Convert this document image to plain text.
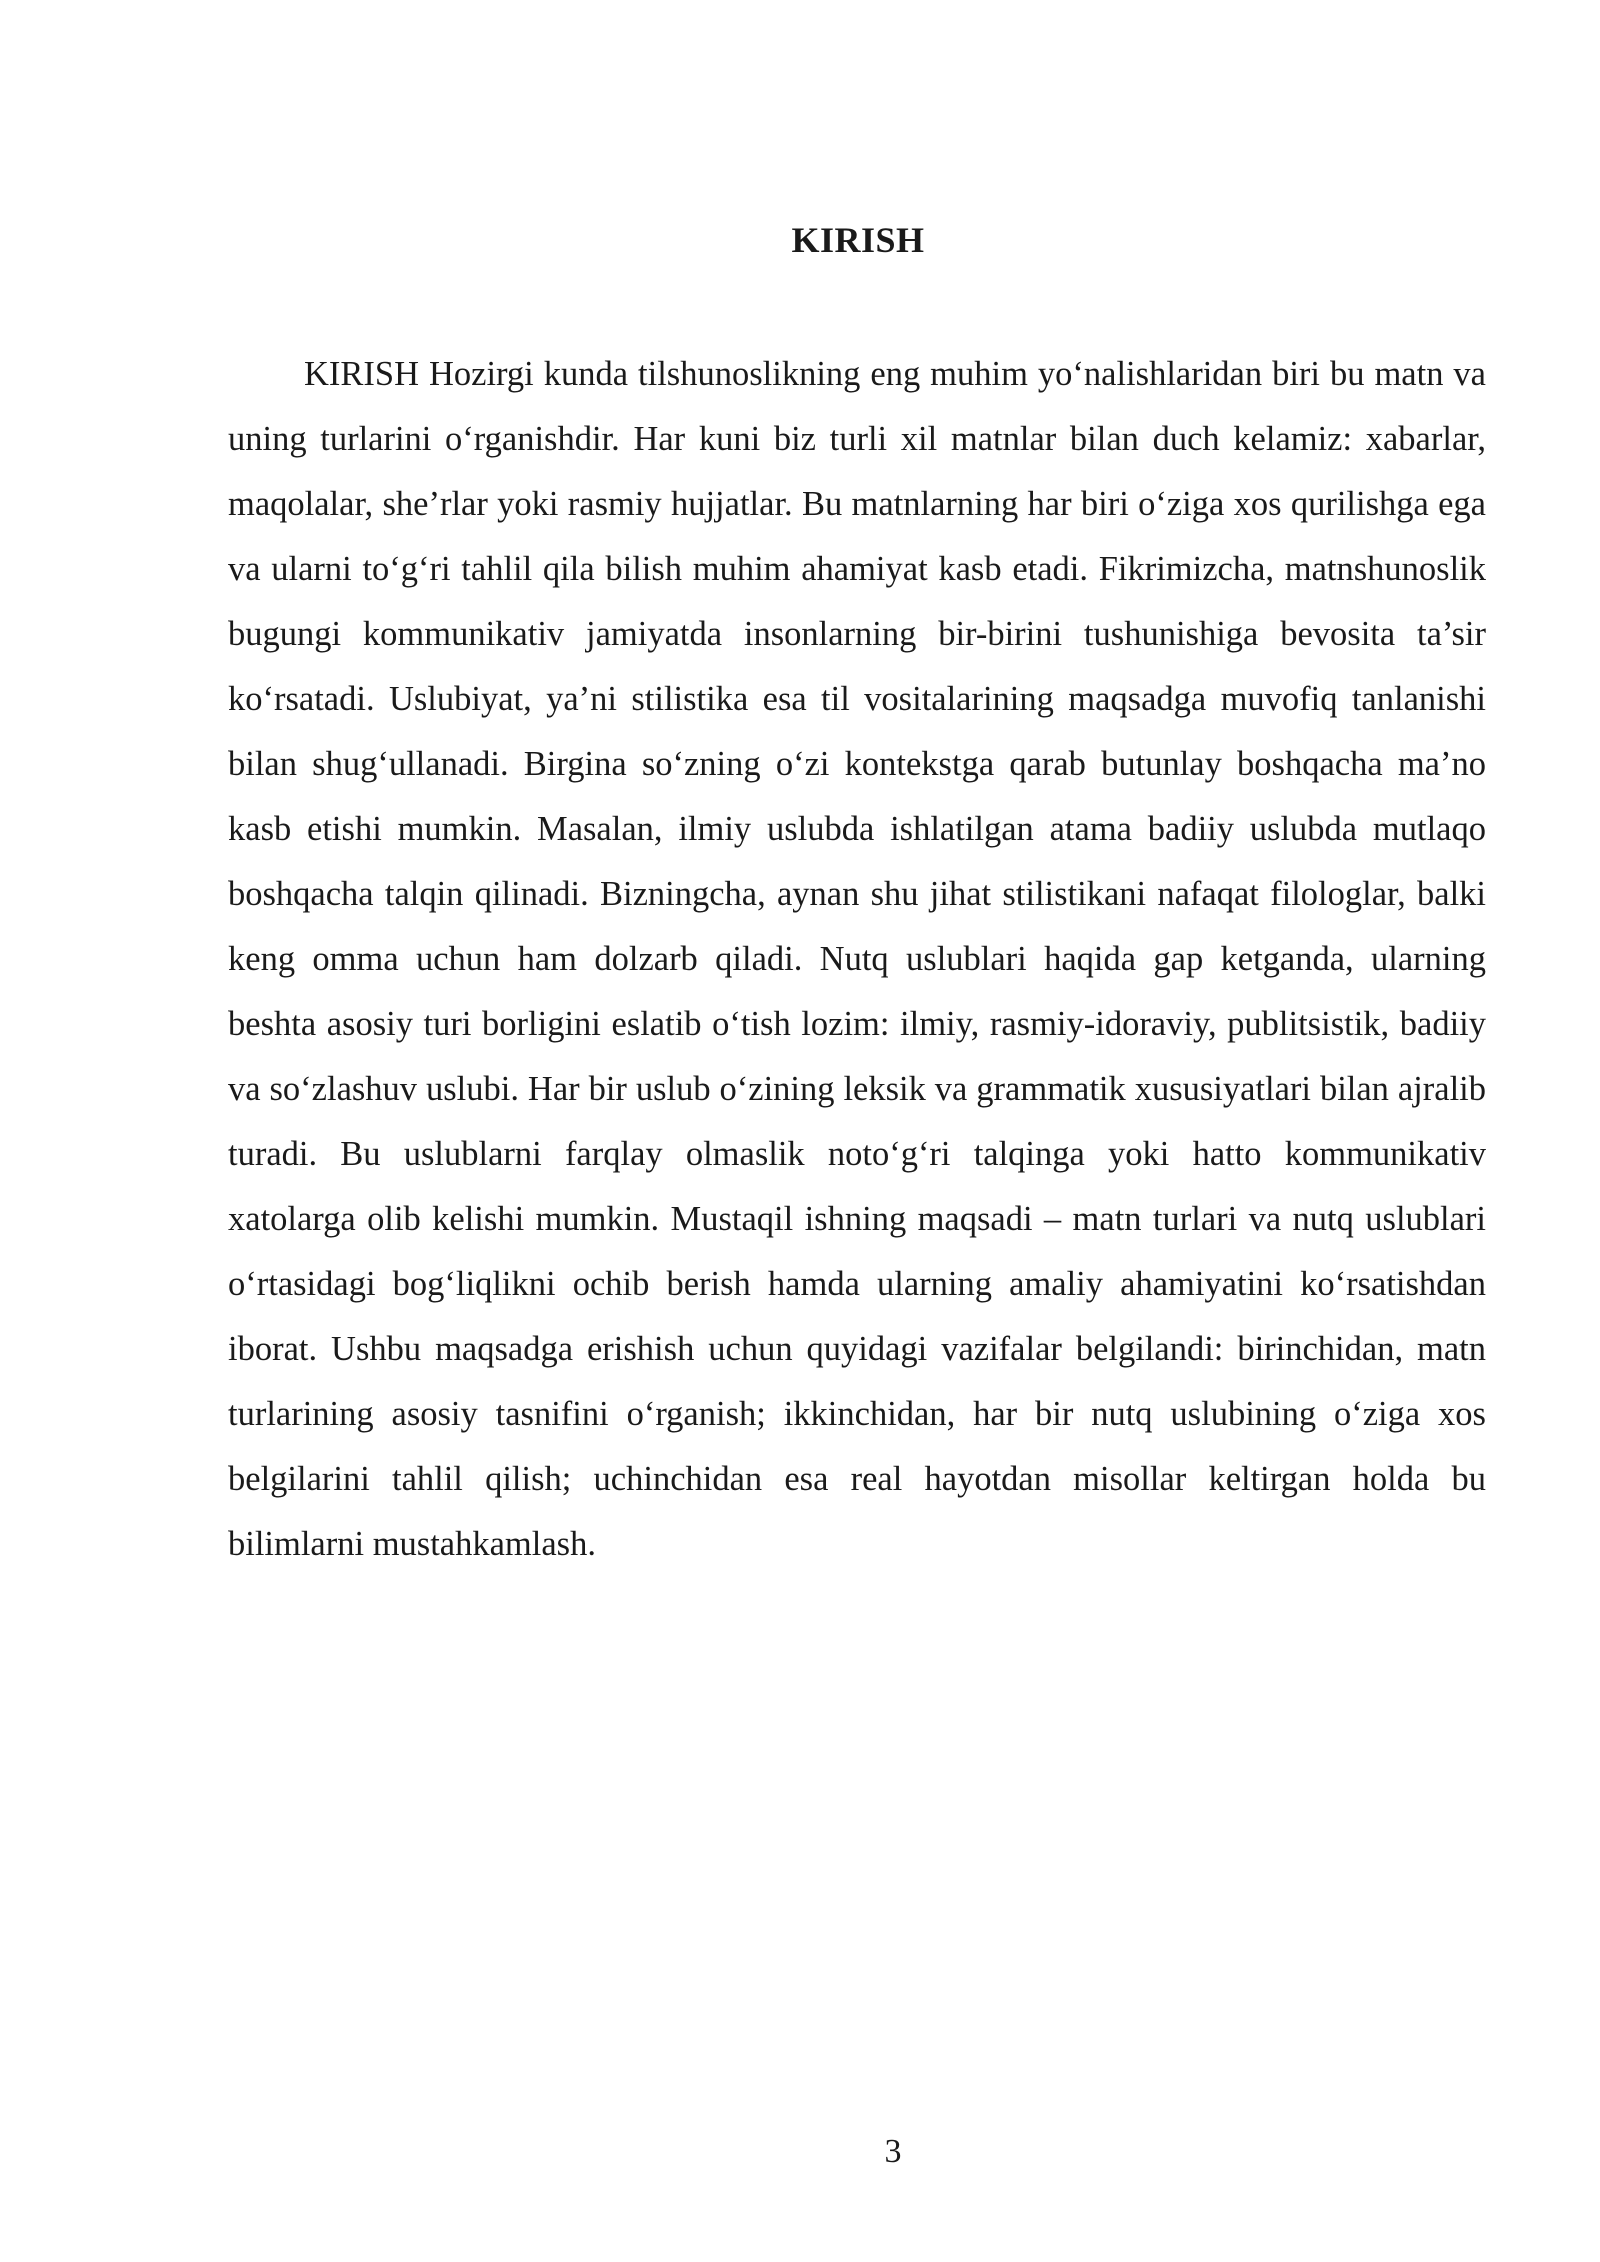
KIRISH

KIRISH Hozirgi kunda tilshunoslikning eng muhim yo‘nalishlaridan biri bu matn va uning turlarini o‘rganishdir. Har kuni biz turli xil matnlar bilan duch kelamiz: xabarlar, maqolalar, she’rlar yoki rasmiy hujjatlar. Bu matnlarning har biri o‘ziga xos qurilishga ega va ularni to‘g‘ri tahlil qila bilish muhim ahamiyat kasb etadi. Fikrimizcha, matnshunoslik bugungi kommunikativ jamiyatda insonlarning bir-birini tushunishiga bevosita ta’sir ko‘rsatadi. Uslubiyat, ya’ni stilistika esa til vositalarining maqsadga muvofiq tanlanishi bilan shug‘ullanadi. Birgina so‘zning o‘zi kontekstga qarab butunlay boshqacha ma’no kasb etishi mumkin. Masalan, ilmiy uslubda ishlatilgan atama badiiy uslubda mutlaqo boshqacha talqin qilinadi. Bizningcha, aynan shu jihat stilistikani nafaqat filologlar, balki keng omma uchun ham dolzarb qiladi. Nutq uslublari haqida gap ketganda, ularning beshta asosiy turi borligini eslatib o‘tish lozim: ilmiy, rasmiy-idoraviy, publitsistik, badiiy va so‘zlashuv uslubi. Har bir uslub o‘zining leksik va grammatik xususiyatlari bilan ajralib turadi. Bu uslublarni farqlay olmaslik noto‘g‘ri talqinga yoki hatto kommunikativ xatolarga olib kelishi mumkin. Mustaqil ishning maqsadi – matn turlari va nutq uslublari o‘rtasidagi bog‘liqlikni ochib berish hamda ularning amaliy ahamiyatini ko‘rsatishdan iborat. Ushbu maqsadga erishish uchun quyidagi vazifalar belgilandi: birinchidan, matn turlarining asosiy tasnifini o‘rganish; ikkinchidan, har bir nutq uslubining o‘ziga xos belgilarini tahlil qilish; uchinchidan esa real hayotdan misollar keltirgan holda bu bilimlarni mustahkamlash.

3
